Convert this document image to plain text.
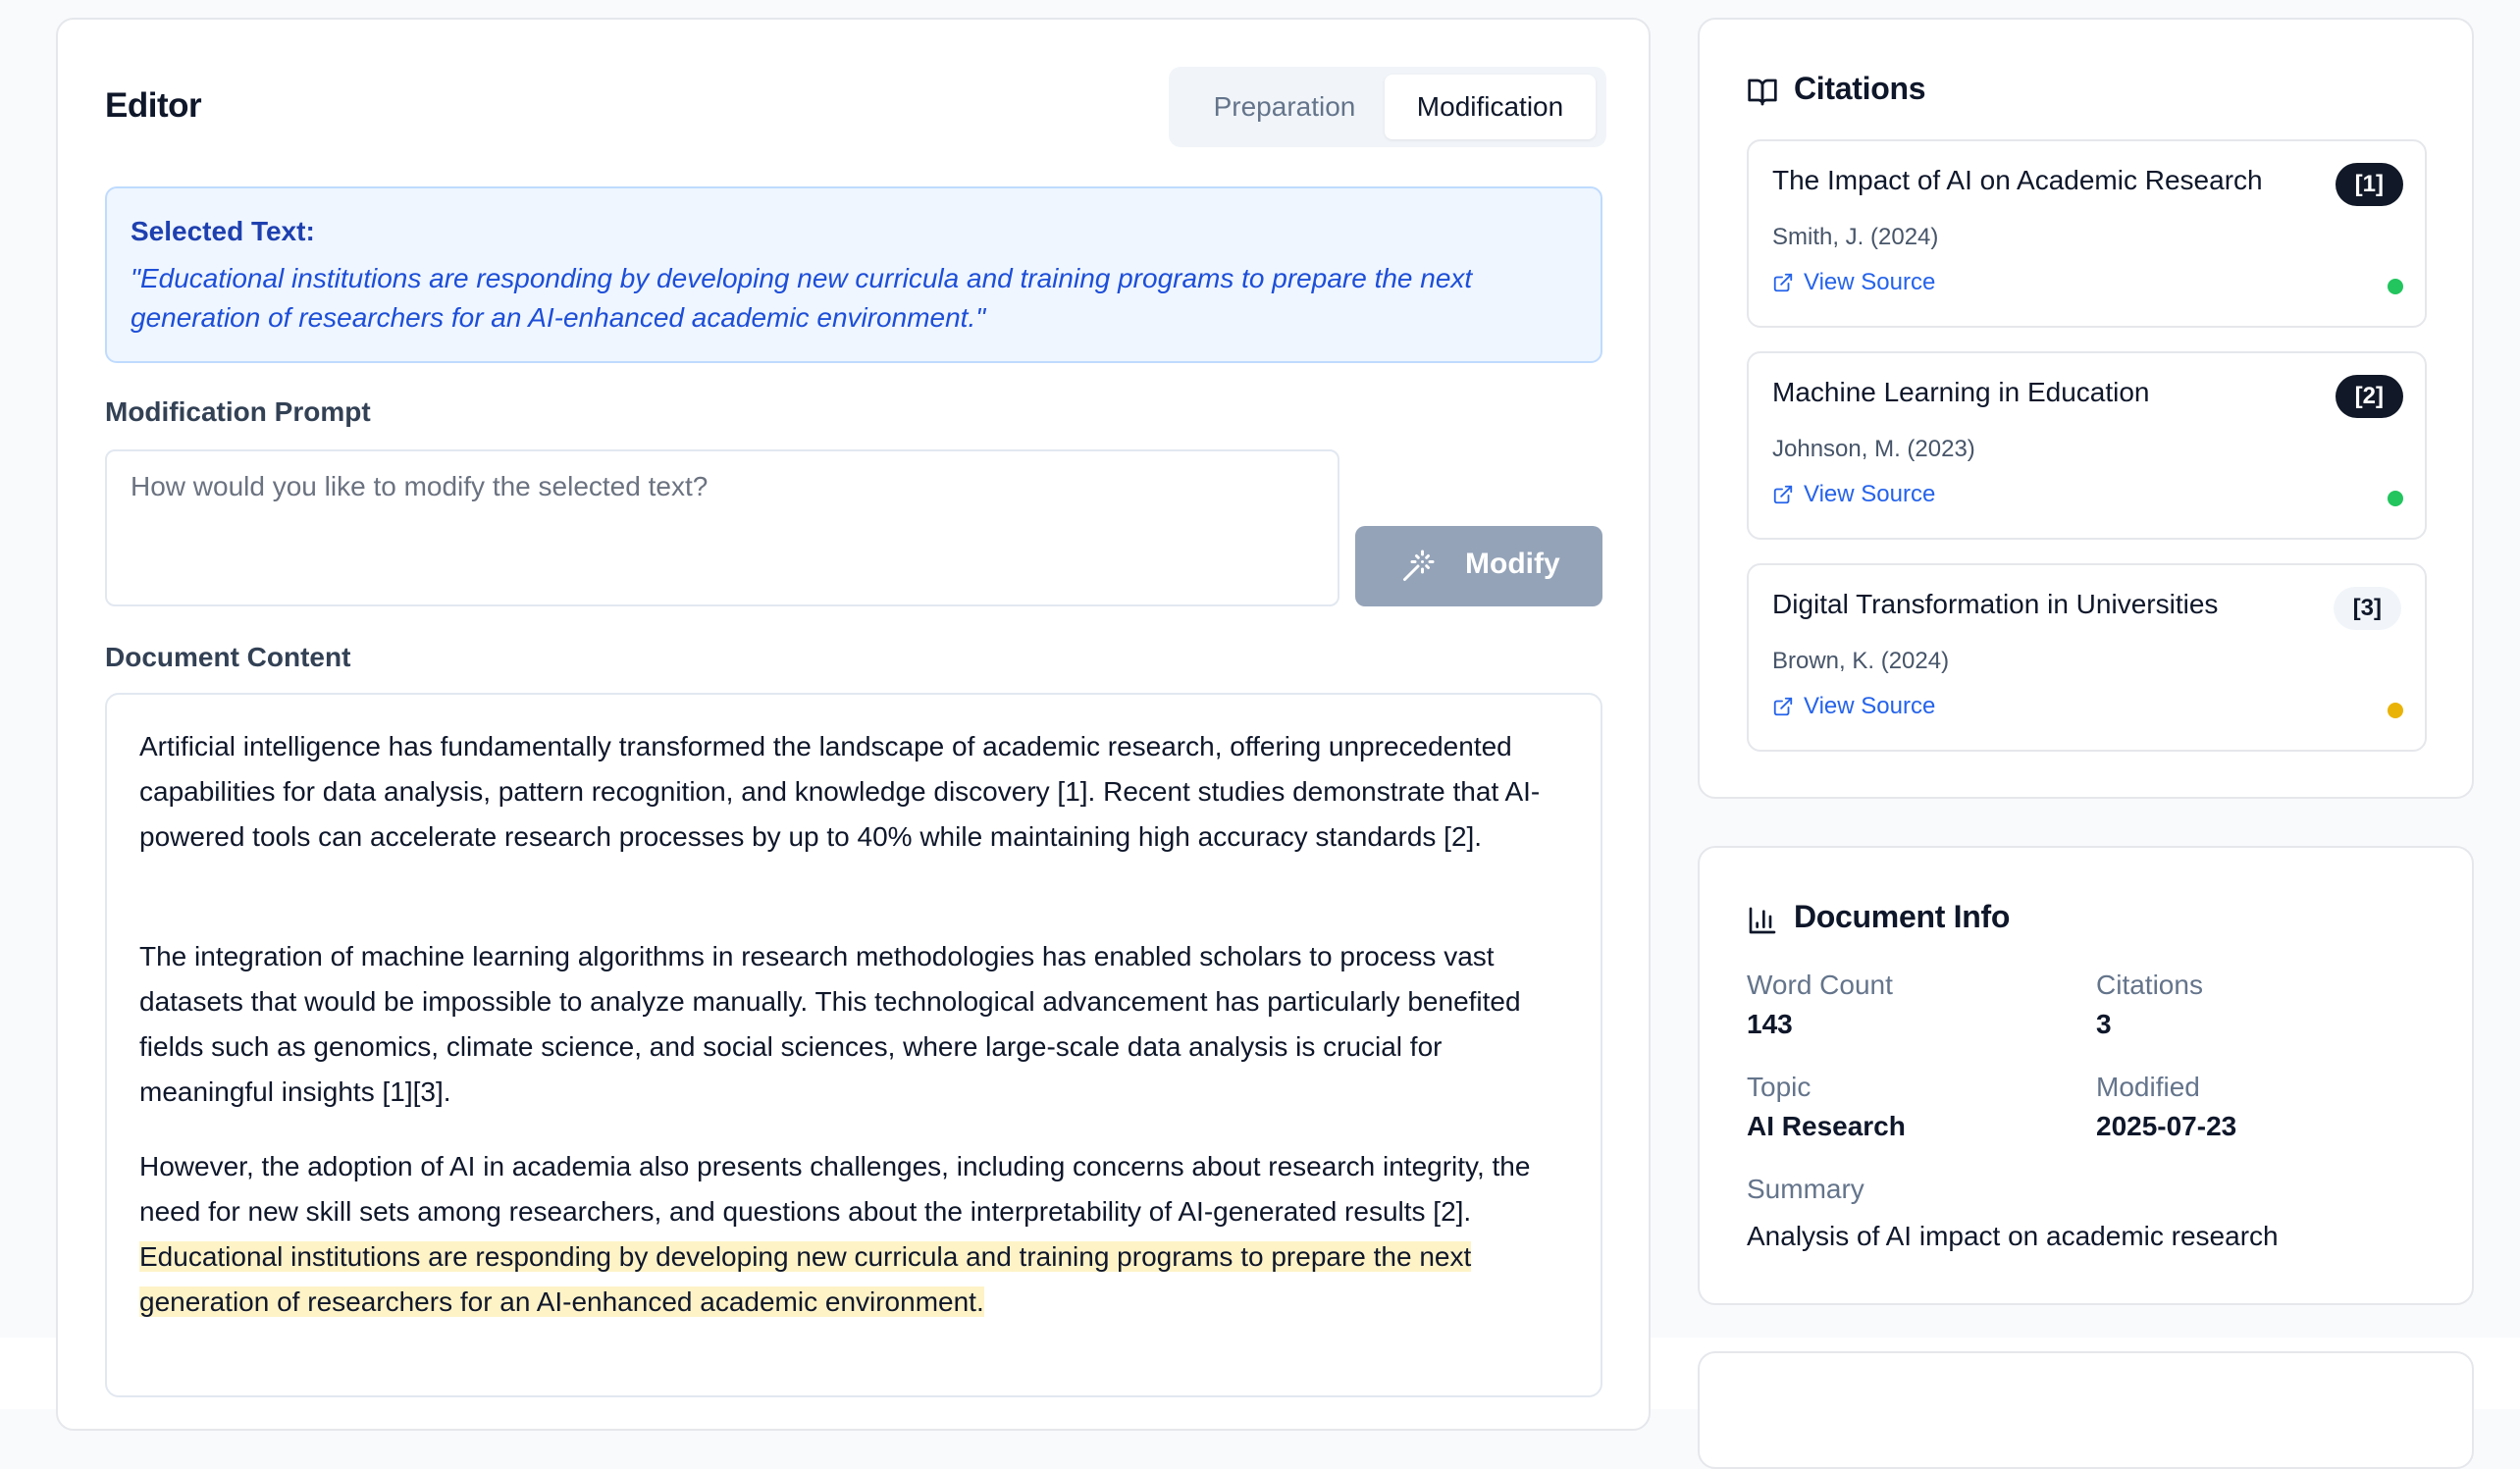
Editor	Preparation	Modification
Selected Text:
"Educational institutions are responding by developing new curricula and training programs to prepare the next generation of researchers for an AI-enhanced academic environment."
Modification Prompt
How would you like to modify the selected text?
Modify
Document Content
Artificial intelligence has fundamentally transformed the landscape of academic research, offering unprecedented capabilities for data analysis, pattern recognition, and knowledge discovery [1]. Recent studies demonstrate that AI-powered tools can accelerate research processes by up to 40% while maintaining high accuracy standards [2].
The integration of machine learning algorithms in research methodologies has enabled scholars to process vast datasets that would be impossible to analyze manually. This technological advancement has particularly benefited fields such as genomics, climate science, and social sciences, where large-scale data analysis is crucial for meaningful insights [1][3].
However, the adoption of AI in academia also presents challenges, including concerns about research integrity, the need for new skill sets among researchers, and questions about the interpretability of AI-generated results [2]. Educational institutions are responding by developing new curricula and training programs to prepare the next generation of researchers for an AI-enhanced academic environment.
Citations
The Impact of AI on Academic Research	[1]
Smith, J. (2024)
View Source
Machine Learning in Education	[2]
Johnson, M. (2023)
View Source
Digital Transformation in Universities	[3]
Brown, K. (2024)
View Source
Document Info
Word Count
143
Citations
3
Topic
AI Research
Modified
2025-07-23
Summary
Analysis of AI impact on academic research
